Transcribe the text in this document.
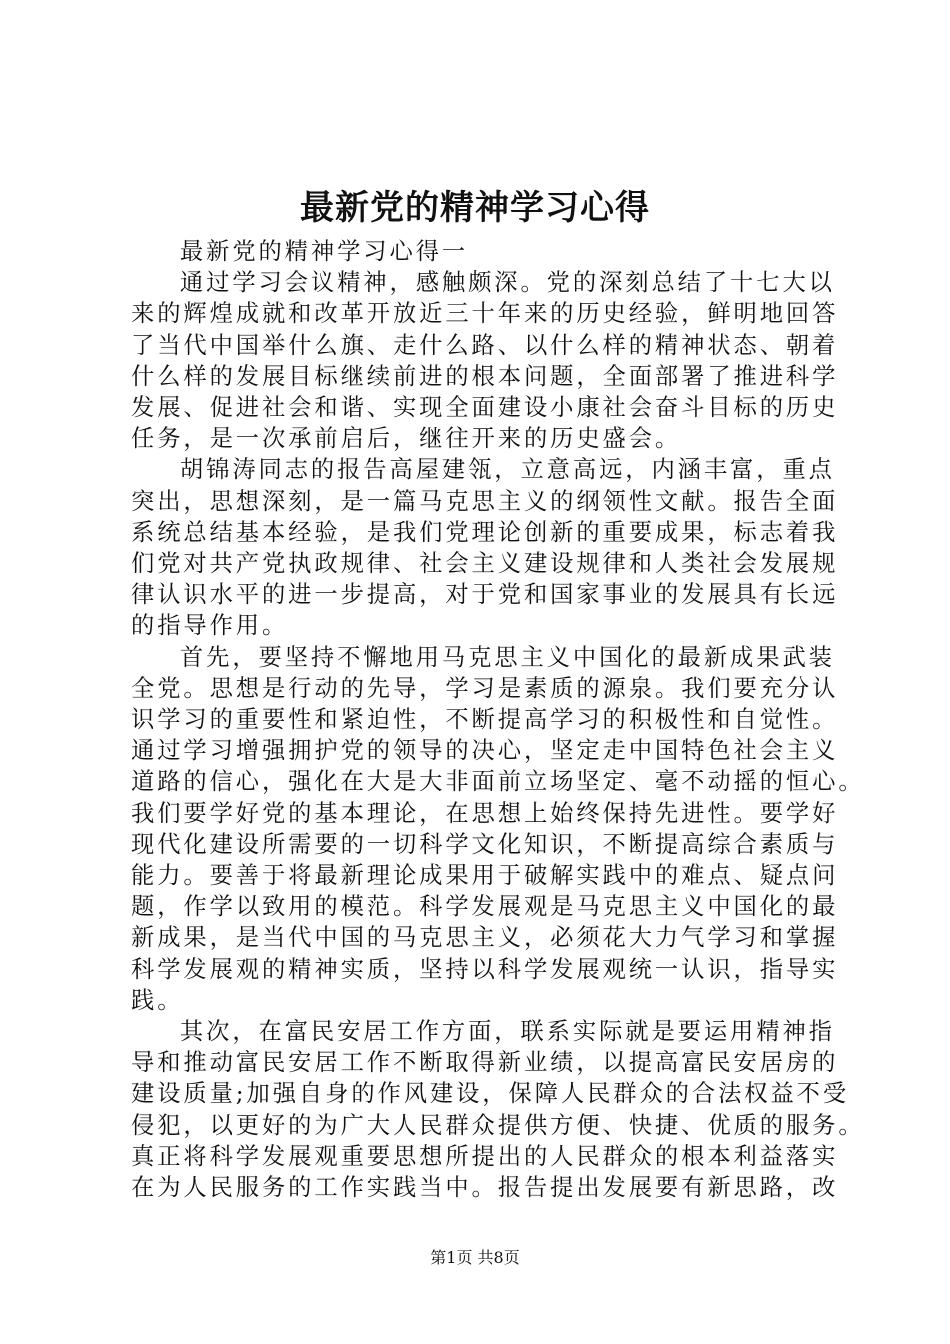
最新党的精神学习心得

最新党的精神学习心得一

通过学习会议精神，感触颇深。党的深刻总结了十七大以
来的辉煌成就和改革开放近三十年来的历史经验，鲜明地回答
了当代中国举什么旗、走什么路、以什么样的精神状态、朝着
什么样的发展目标继续前进的根本问题，全面部署了推进科学
发展、促进社会和谐、实现全面建设小康社会奋斗目标的历史
任务，是一次承前启后，继往开来的历史盛会。

胡锦涛同志的报告高屋建瓴，立意高远，内涵丰富，重点
突出，思想深刻，是一篇马克思主义的纲领性文献。报告全面
系统总结基本经验，是我们党理论创新的重要成果，标志着我
们党对共产党执政规律、社会主义建设规律和人类社会发展规
律认识水平的进一步提高，对于党和国家事业的发展具有长远
的指导作用。

首先，要坚持不懈地用马克思主义中国化的最新成果武装
全党。思想是行动的先导，学习是素质的源泉。我们要充分认
识学习的重要性和紧迫性，不断提高学习的积极性和自觉性。
通过学习增强拥护党的领导的决心，坚定走中国特色社会主义
道路的信心，强化在大是大非面前立场坚定、毫不动摇的恒心。
我们要学好党的基本理论，在思想上始终保持先进性。要学好
现代化建设所需要的一切科学文化知识，不断提高综合素质与
能力。要善于将最新理论成果用于破解实践中的难点、疑点问
题，作学以致用的模范。科学发展观是马克思主义中国化的最
新成果，是当代中国的马克思主义，必须花大力气学习和掌握
科学发展观的精神实质，坚持以科学发展观统一认识，指导实
践。

其次，在富民安居工作方面，联系实际就是要运用精神指
导和推动富民安居工作不断取得新业绩，以提高富民安居房的
建设质量;加强自身的作风建设，保障人民群众的合法权益不受
侵犯，以更好的为广大人民群众提供方便、快捷、优质的服务。
真正将科学发展观重要思想所提出的人民群众的根本利益落实
在为人民服务的工作实践当中。报告提出发展要有新思路，改

第1页 共8页
